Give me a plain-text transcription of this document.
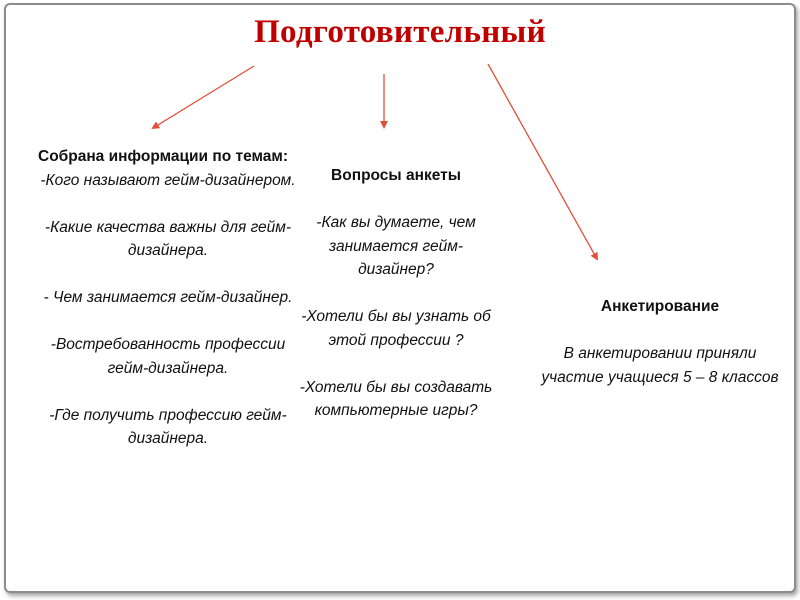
Подготовительный
Собрана информации по темам:
-Кого называют гейм-дизайнером.
-Какие качества важны для гейм-дизайнера.
- Чем занимается гейм-дизайнер.
-Востребованность профессии гейм-дизайнера.
-Где получить профессию гейм-дизайнера.
Вопросы анкеты
-Как вы думаете, чем занимается гейм-дизайнер?
-Хотели бы вы узнать об этой профессии ?
-Хотели бы вы создавать компьютерные игры?
Анкетирование
В анкетировании приняли участие учащиеся 5 – 8 классов
